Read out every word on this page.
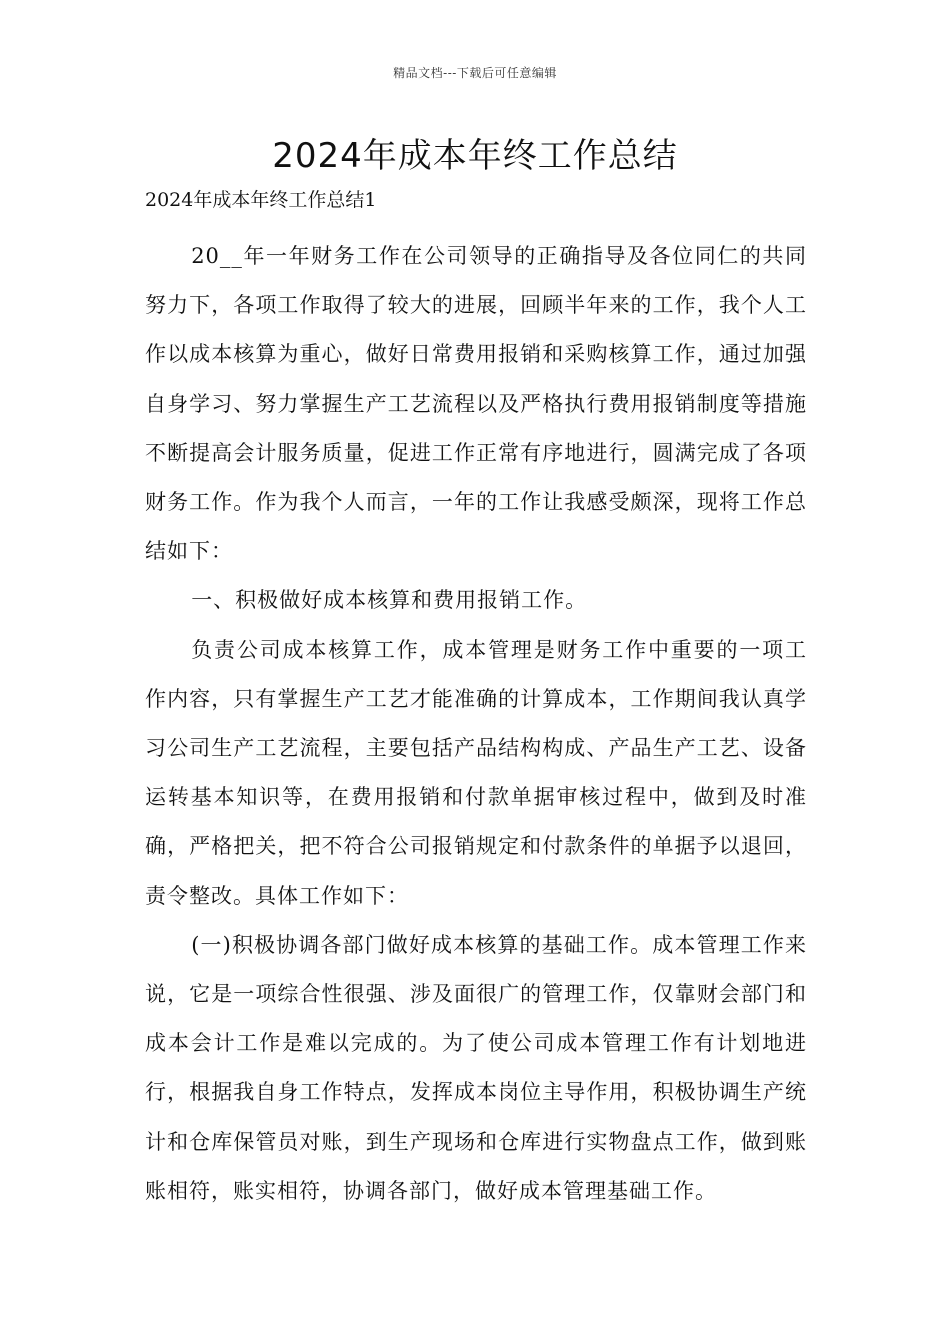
精品文档---下载后可任意编辑
2024年成本年终工作总结
2024年成本年终工作总结1

20__年一年财务工作在公司领导的正确指导及各位同仁的共同努力下，各项工作取得了较大的进展，回顾半年来的工作，我个人工作以成本核算为重心，做好日常费用报销和采购核算工作，通过加强自身学习、努力掌握生产工艺流程以及严格执行费用报销制度等措施不断提高会计服务质量，促进工作正常有序地进行，圆满完成了各项财务工作。作为我个人而言，一年的工作让我感受颇深，现将工作总结如下：

一、积极做好成本核算和费用报销工作。

负责公司成本核算工作，成本管理是财务工作中重要的一项工作内容，只有掌握生产工艺才能准确的计算成本，工作期间我认真学习公司生产工艺流程，主要包括产品结构构成、产品生产工艺、设备运转基本知识等，在费用报销和付款单据审核过程中，做到及时准确，严格把关，把不符合公司报销规定和付款条件的单据予以退回，责令整改。具体工作如下：

(一)积极协调各部门做好成本核算的基础工作。成本管理工作来说，它是一项综合性很强、涉及面很广的管理工作，仅靠财会部门和成本会计工作是难以完成的。为了使公司成本管理工作有计划地进行，根据我自身工作特点，发挥成本岗位主导作用，积极协调生产统计和仓库保管员对账，到生产现场和仓库进行实物盘点工作，做到账账相符，账实相符，协调各部门，做好成本管理基础工作。
